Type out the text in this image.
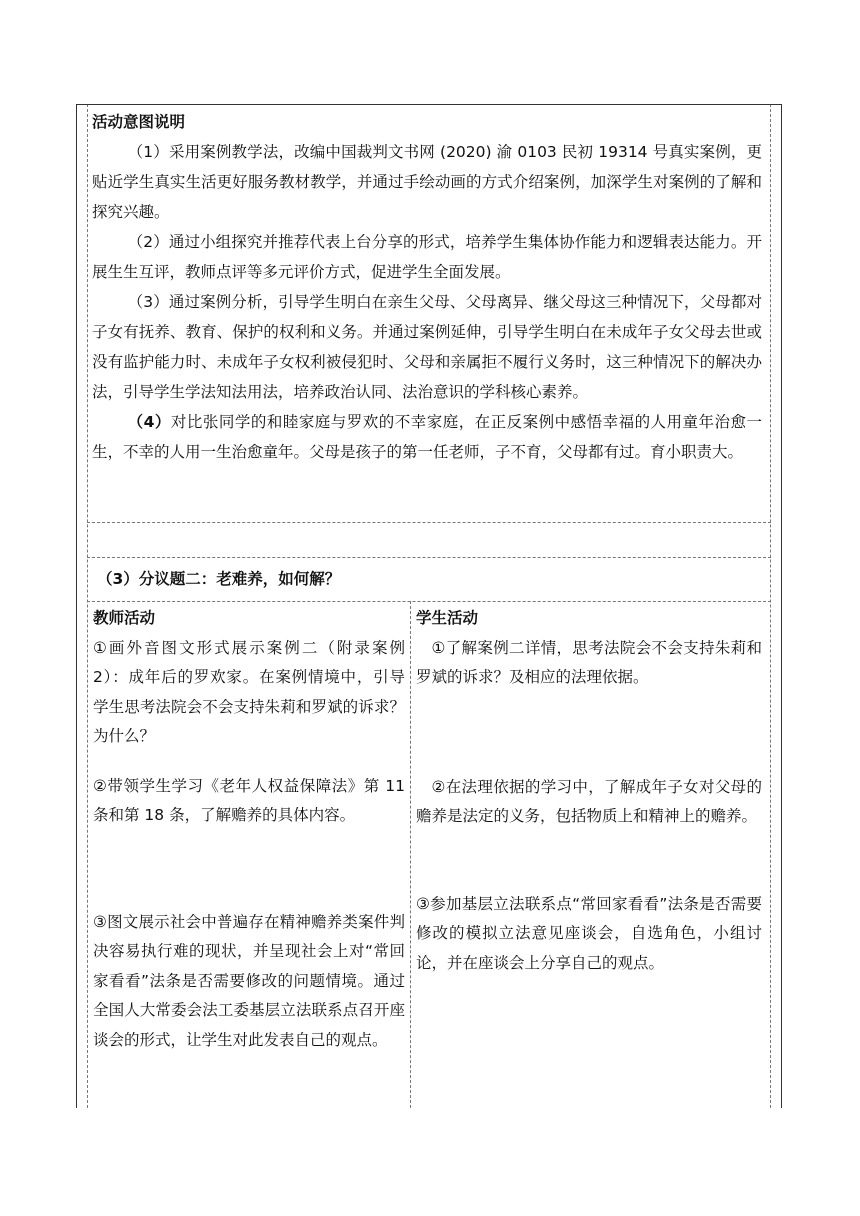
活动意图说明
（1）采用案例教学法，改编中国裁判文书网 (2020) 渝 0103 民初 19314 号真实案例，更贴近学生真实生活更好服务教材教学，并通过手绘动画的方式介绍案例，加深学生对案例的了解和探究兴趣。
（2）通过小组探究并推荐代表上台分享的形式，培养学生集体协作能力和逻辑表达能力。开展生生互评，教师点评等多元评价方式，促进学生全面发展。
（3）通过案例分析，引导学生明白在亲生父母、父母离异、继父母这三种情况下，父母都对子女有抚养、教育、保护的权利和义务。并通过案例延伸，引导学生明白在未成年子女父母去世或没有监护能力时、未成年子女权利被侵犯时、父母和亲属拒不履行义务时，这三种情况下的解决办法，引导学生学法知法用法，培养政治认同、法治意识的学科核心素养。
（4）对比张同学的和睦家庭与罗欢的不幸家庭，在正反案例中感悟幸福的人用童年治愈一生，不幸的人用一生治愈童年。父母是孩子的第一任老师，子不育，父母都有过。育小职责大。
（3）分议题二：老难养，如何解？
教师活动
①画外音图文形式展示案例二（附录案例 2）：成年后的罗欢家。在案例情境中，引导学生思考法院会不会支持朱莉和罗斌的诉求？为什么？
②带领学生学习《老年人权益保障法》第 11 条和第 18 条，了解赡养的具体内容。
③图文展示社会中普遍存在精神赡养类案件判决容易执行难的现状，并呈现社会上对“常回家看看”法条是否需要修改的问题情境。通过全国人大常委会法工委基层立法联系点召开座谈会的形式，让学生对此发表自己的观点。
学生活动
①了解案例二详情，思考法院会不会支持朱莉和罗斌的诉求？及相应的法理依据。
②在法理依据的学习中，了解成年子女对父母的赡养是法定的义务，包括物质上和精神上的赡养。
③参加基层立法联系点“常回家看看”法条是否需要修改的模拟立法意见座谈会，自选角色，小组讨论，并在座谈会上分享自己的观点。
